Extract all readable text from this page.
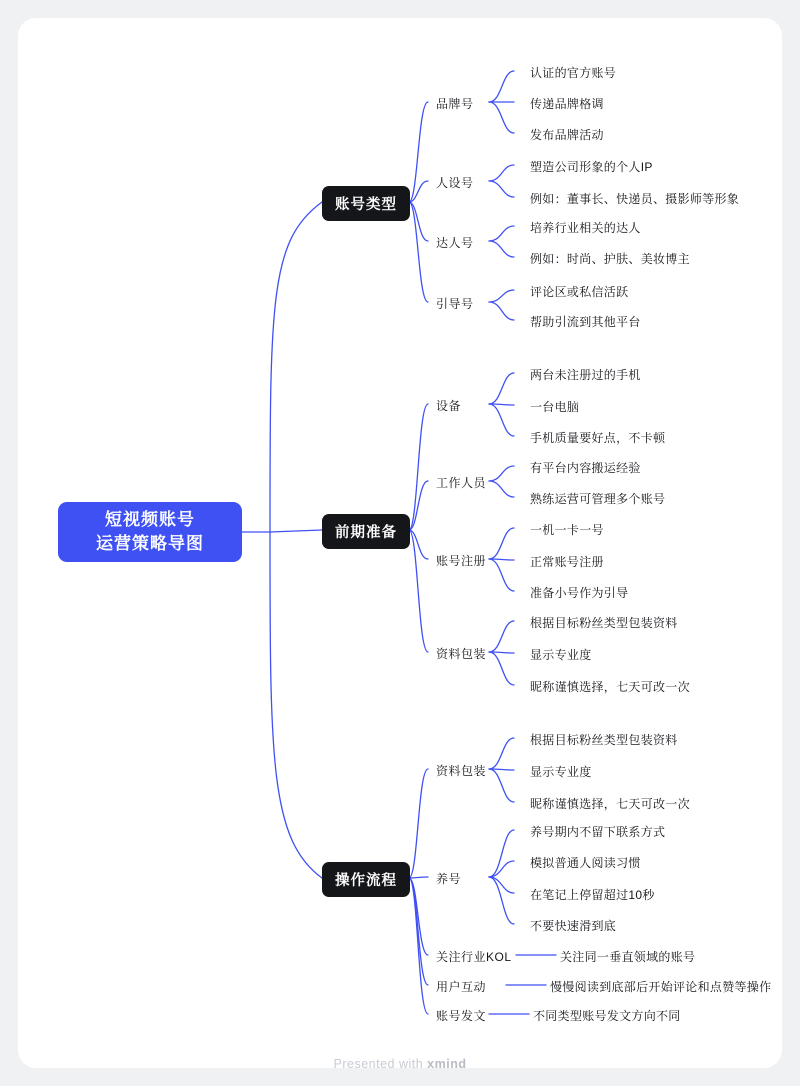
短视频账号
运营策略导图
账号类型
品牌号
人设号
达人号
引导号
认证的官方账号
传递品牌格调
发布品牌活动
塑造公司形象的个人IP
例如：董事长、快递员、摄影师等形象
培养行业相关的达人
例如：时尚、护肤、美妆博主
评论区或私信活跃
帮助引流到其他平台
前期准备
设备
工作人员
账号注册
资料包装
两台未注册过的手机
一台电脑
手机质量要好点，不卡顿
有平台内容搬运经验
熟练运营可管理多个账号
一机一卡一号
正常账号注册
准备小号作为引导
根据目标粉丝类型包装资料
显示专业度
昵称谨慎选择，七天可改一次
操作流程
资料包装
养号
关注行业KOL
用户互动
账号发文
根据目标粉丝类型包装资料
显示专业度
昵称谨慎选择，七天可改一次
养号期内不留下联系方式
模拟普通人阅读习惯
在笔记上停留超过10秒
不要快速滑到底
关注同一垂直领域的账号
慢慢阅读到底部后开始评论和点赞等操作
不同类型账号发文方向不同
Presented with xmind
